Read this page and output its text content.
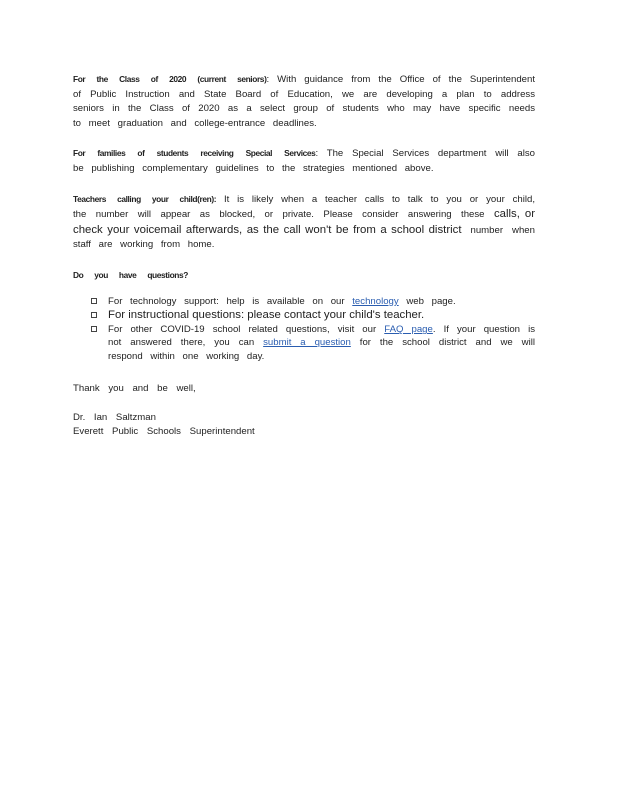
For the Class of 2020 (current seniors): With guidance from the Office of the Superintendent of Public Instruction and State Board of Education, we are developing a plan to address seniors in the Class of 2020 as a select group of students who may have specific needs to meet graduation and college-entrance deadlines.

For families of students receiving Special Services: The Special Services department will also be publishing complementary guidelines to the strategies mentioned above.

Teachers calling your child(ren): It is likely when a teacher calls to talk to you or your child, the number will appear as blocked, or private. Please consider answering these calls, or check your voicemail afterwards, as the call won't be from a school district number when staff are working from home.

Do you have questions?
For technology support: help is available on our technology web page.
For instructional questions: please contact your child's teacher.
For other COVID-19 school related questions, visit our FAQ page. If your question is not answered there, you can submit a question for the school district and we will respond within one working day.
Thank you and be well,
Dr. Ian Saltzman
Everett Public Schools Superintendent
